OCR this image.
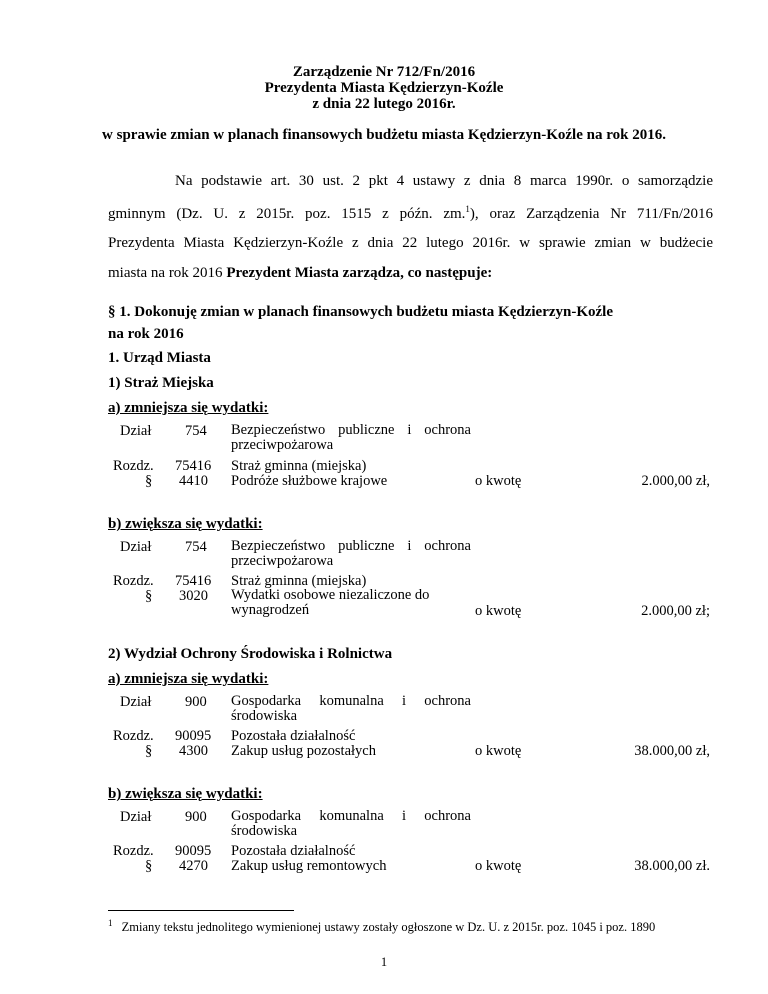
Zarządzenie Nr 712/Fn/2016
Prezydenta Miasta Kędzierzyn-Koźle
z dnia 22 lutego 2016r.
w sprawie zmian w planach finansowych budżetu miasta Kędzierzyn-Koźle na rok 2016.
Na podstawie art. 30 ust. 2 pkt 4 ustawy z dnia 8 marca 1990r. o samorządzie
gminnym (Dz. U. z 2015r. poz. 1515 z późn. zm.$^1$), oraz Zarządzenia Nr 711/Fn/2016
Prezydenta Miasta Kędzierzyn-Koźle z dnia 22 lutego 2016r. w sprawie zmian w budżecie
miasta na rok 2016 Prezydent Miasta zarządza, co następuje:
§ 1. Dokonuję zmian w planach finansowych budżetu miasta Kędzierzyn-Koźle
na rok 2016
1. Urząd Miasta
1) Straż Miejska
a) zmniejsza się wydatki:
Dział 754 Bezpieczeństwo publiczne i ochrona przeciwpożarowa
Rozdz. 75416 Straż gminna (miejska)
§ 4410 Podróże służbowe krajowe	o kwotę	2.000,00 zł,
b) zwiększa się wydatki:
Dział 754 Bezpieczeństwo publiczne i ochrona przeciwpożarowa
Rozdz. 75416 Straż gminna (miejska)
§ 3020 Wydatki osobowe niezaliczone do wynagrodzeń	o kwotę	2.000,00 zł;
2) Wydział Ochrony Środowiska i Rolnictwa
a) zmniejsza się wydatki:
Dział 900 Gospodarka komunalna i ochrona środowiska
Rozdz. 90095 Pozostała działalność
§ 4300 Zakup usług pozostałych	o kwotę	38.000,00 zł,
b) zwiększa się wydatki:
Dział 900 Gospodarka komunalna i ochrona środowiska
Rozdz. 90095 Pozostała działalność
§ 4270 Zakup usług remontowych	o kwotę	38.000,00 zł.
$^1$ Zmiany tekstu jednolitego wymienionej ustawy zostały ogłoszone w Dz. U. z 2015r. poz. 1045 i poz. 1890
1
